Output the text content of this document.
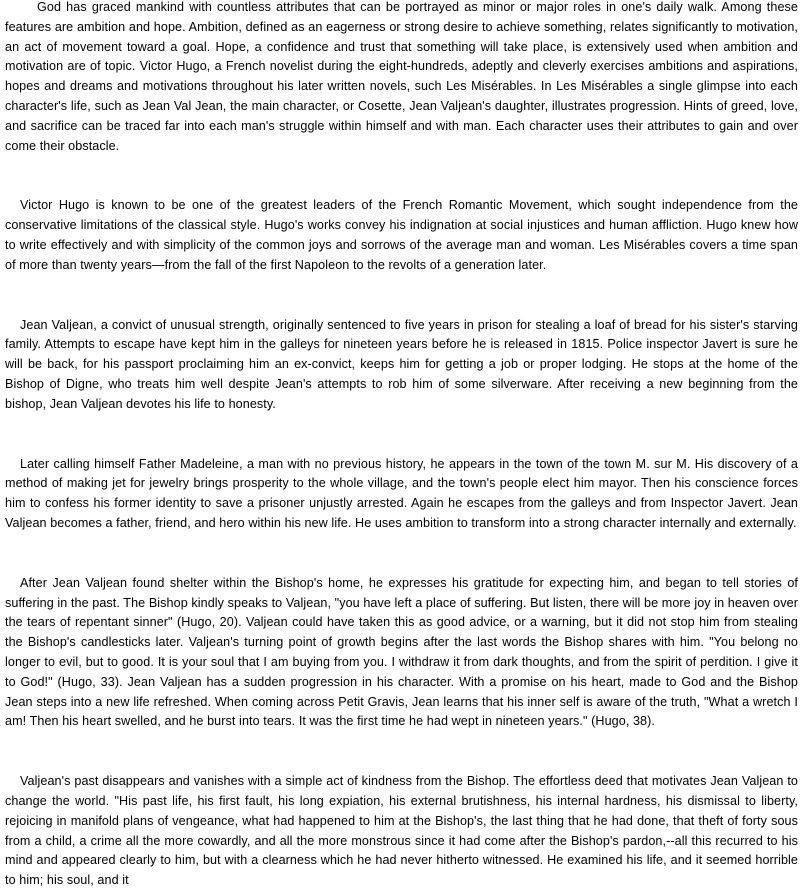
God has graced mankind with countless attributes that can be portrayed as minor or major roles in one's daily walk. Among these features are ambition and hope. Ambition, defined as an eagerness or strong desire to achieve something, relates significantly to motivation, an act of movement toward a goal. Hope, a confidence and trust that something will take place, is extensively used when ambition and motivation are of topic. Victor Hugo, a French novelist during the eight-hundreds, adeptly and cleverly exercises ambitions and aspirations, hopes and dreams and motivations throughout his later written novels, such Les Misérables. In Les Misérables a single glimpse into each character's life, such as Jean Val Jean, the main character, or Cosette, Jean Valjean's daughter, illustrates progression. Hints of greed, love, and sacrifice can be traced far into each man's struggle within himself and with man. Each character uses their attributes to gain and over come their obstacle.

Victor Hugo is known to be one of the greatest leaders of the French Romantic Movement, which sought independence from the conservative limitations of the classical style. Hugo's works convey his indignation at social injustices and human affliction. Hugo knew how to write effectively and with simplicity of the common joys and sorrows of the average man and woman. Les Misérables covers a time span of more than twenty years—from the fall of the first Napoleon to the revolts of a generation later.

Jean Valjean, a convict of unusual strength, originally sentenced to five years in prison for stealing a loaf of bread for his sister's starving family. Attempts to escape have kept him in the galleys for nineteen years before he is released in 1815. Police inspector Javert is sure he will be back, for his passport proclaiming him an ex-convict, keeps him for getting a job or proper lodging. He stops at the home of the Bishop of Digne, who treats him well despite Jean's attempts to rob him of some silverware. After receiving a new beginning from the bishop, Jean Valjean devotes his life to honesty.

Later calling himself Father Madeleine, a man with no previous history, he appears in the town of the town M. sur M. His discovery of a method of making jet for jewelry brings prosperity to the whole village, and the town's people elect him mayor. Then his conscience forces him to confess his former identity to save a prisoner unjustly arrested. Again he escapes from the galleys and from Inspector Javert. Jean Valjean becomes a father, friend, and hero within his new life. He uses ambition to transform into a strong character internally and externally.

After Jean Valjean found shelter within the Bishop's home, he expresses his gratitude for expecting him, and began to tell stories of suffering in the past. The Bishop kindly speaks to Valjean, "you have left a place of suffering. But listen, there will be more joy in heaven over the tears of repentant sinner" (Hugo, 20). Valjean could have taken this as good advice, or a warning, but it did not stop him from stealing the Bishop's candlesticks later. Valjean's turning point of growth begins after the last words the Bishop shares with him. "You belong no longer to evil, but to good. It is your soul that I am buying from you. I withdraw it from dark thoughts, and from the spirit of perdition. I give it to God!" (Hugo, 33). Jean Valjean has a sudden progression in his character. With a promise on his heart, made to God and the Bishop Jean steps into a new life refreshed. When coming across Petit Gravis, Jean learns that his inner self is aware of the truth, "What a wretch I am! Then his heart swelled, and he burst into tears. It was the first time he had wept in nineteen years." (Hugo, 38).

Valjean's past disappears and vanishes with a simple act of kindness from the Bishop. The effortless deed that motivates Jean Valjean to change the world. "His past life, his first fault, his long expiation, his external brutishness, his internal hardness, his dismissal to liberty, rejoicing in manifold plans of vengeance, what had happened to him at the Bishop's, the last thing that he had done, that theft of forty sous from a child, a crime all the more cowardly, and all the more monstrous since it had come after the Bishop's pardon,--all this recurred to his mind and appeared clearly to him, but with a clearness which he had never hitherto witnessed. He examined his life, and it seemed horrible to him; his soul, and it
